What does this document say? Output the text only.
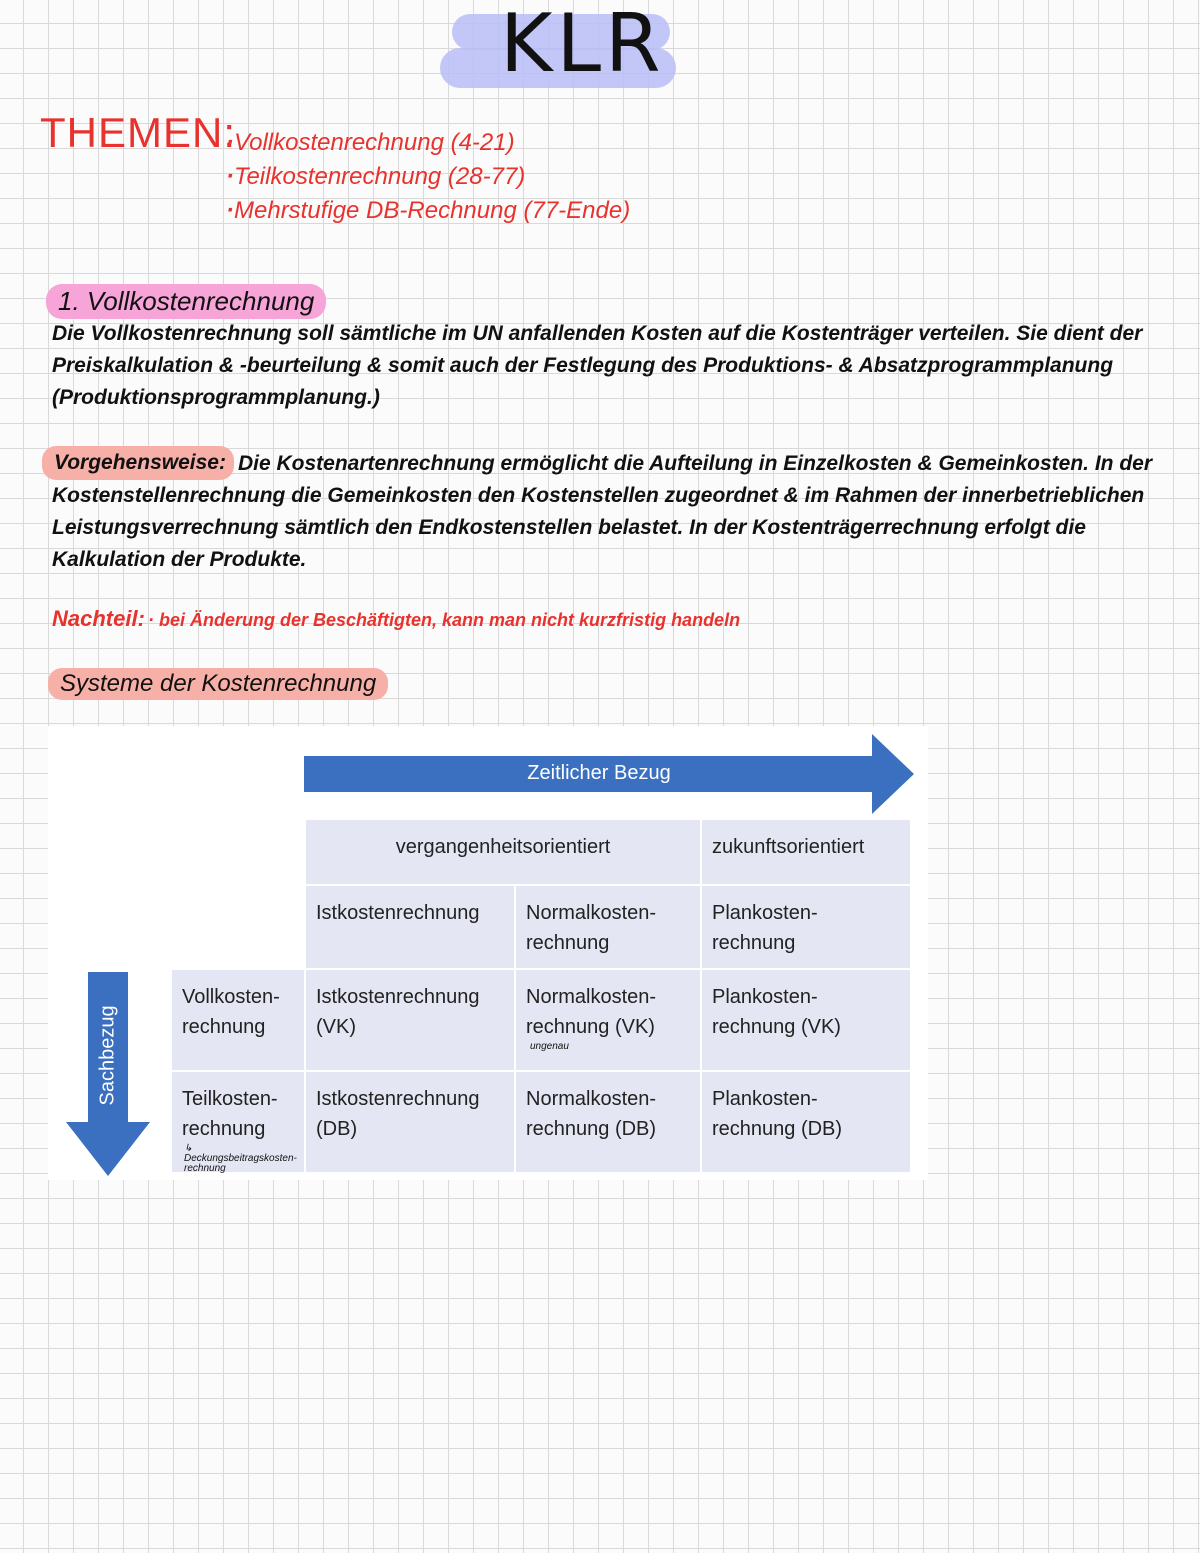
KLR
THEMEN:
· Vollkostenrechnung (4-21)
· Teilkostenrechnung (28-77)
· Mehrstufige DB-Rechnung (77-Ende)
1. Vollkostenrechnung
Die Vollkostenrechnung soll sämtliche im UN anfallenden Kosten auf die Kostenträger verteilen. Sie dient der Preiskalkulation & -beurteilung & somit auch der Festlegung des Produktions- & Absatzprogrammplanung (Produktionsprogrammplanung.)
Vorgehensweise: Die Kostenartenrechnung ermöglicht die Aufteilung in Einzelkosten & Gemeinkosten. In der Kostenstellenrechnung die Gemeinkosten den Kostenstellen zugeordnet & im Rahmen der innerbetrieblichen Leistungsverrechnung sämtlich den Endkostenstellen belastet. In der Kostenträgerrechnung erfolgt die Kalkulation der Produkte.
Nachteil: · bei Änderung der Beschäftigten, kann man nicht kurzfristig handeln
Systeme der Kostenrechnung
Zeitlicher Bezug
Sachbezug
vergangenheitsorientiert	zukunftsorientiert
Istkostenrechnung	Normalkosten-
rechnung
Plankosten-
rechnung
Vollkosten-
rechnung
Istkostenrechnung
(VK)
Normalkosten-
rechnung (VK)
ungenau
Plankosten-
rechnung (VK)
Teilkosten-
rechnung
↳ Deckungsbeitragskosten-
rechnung
Istkostenrechnung
(DB)
Normalkosten-
rechnung (DB)
Plankosten-
rechnung (DB)
